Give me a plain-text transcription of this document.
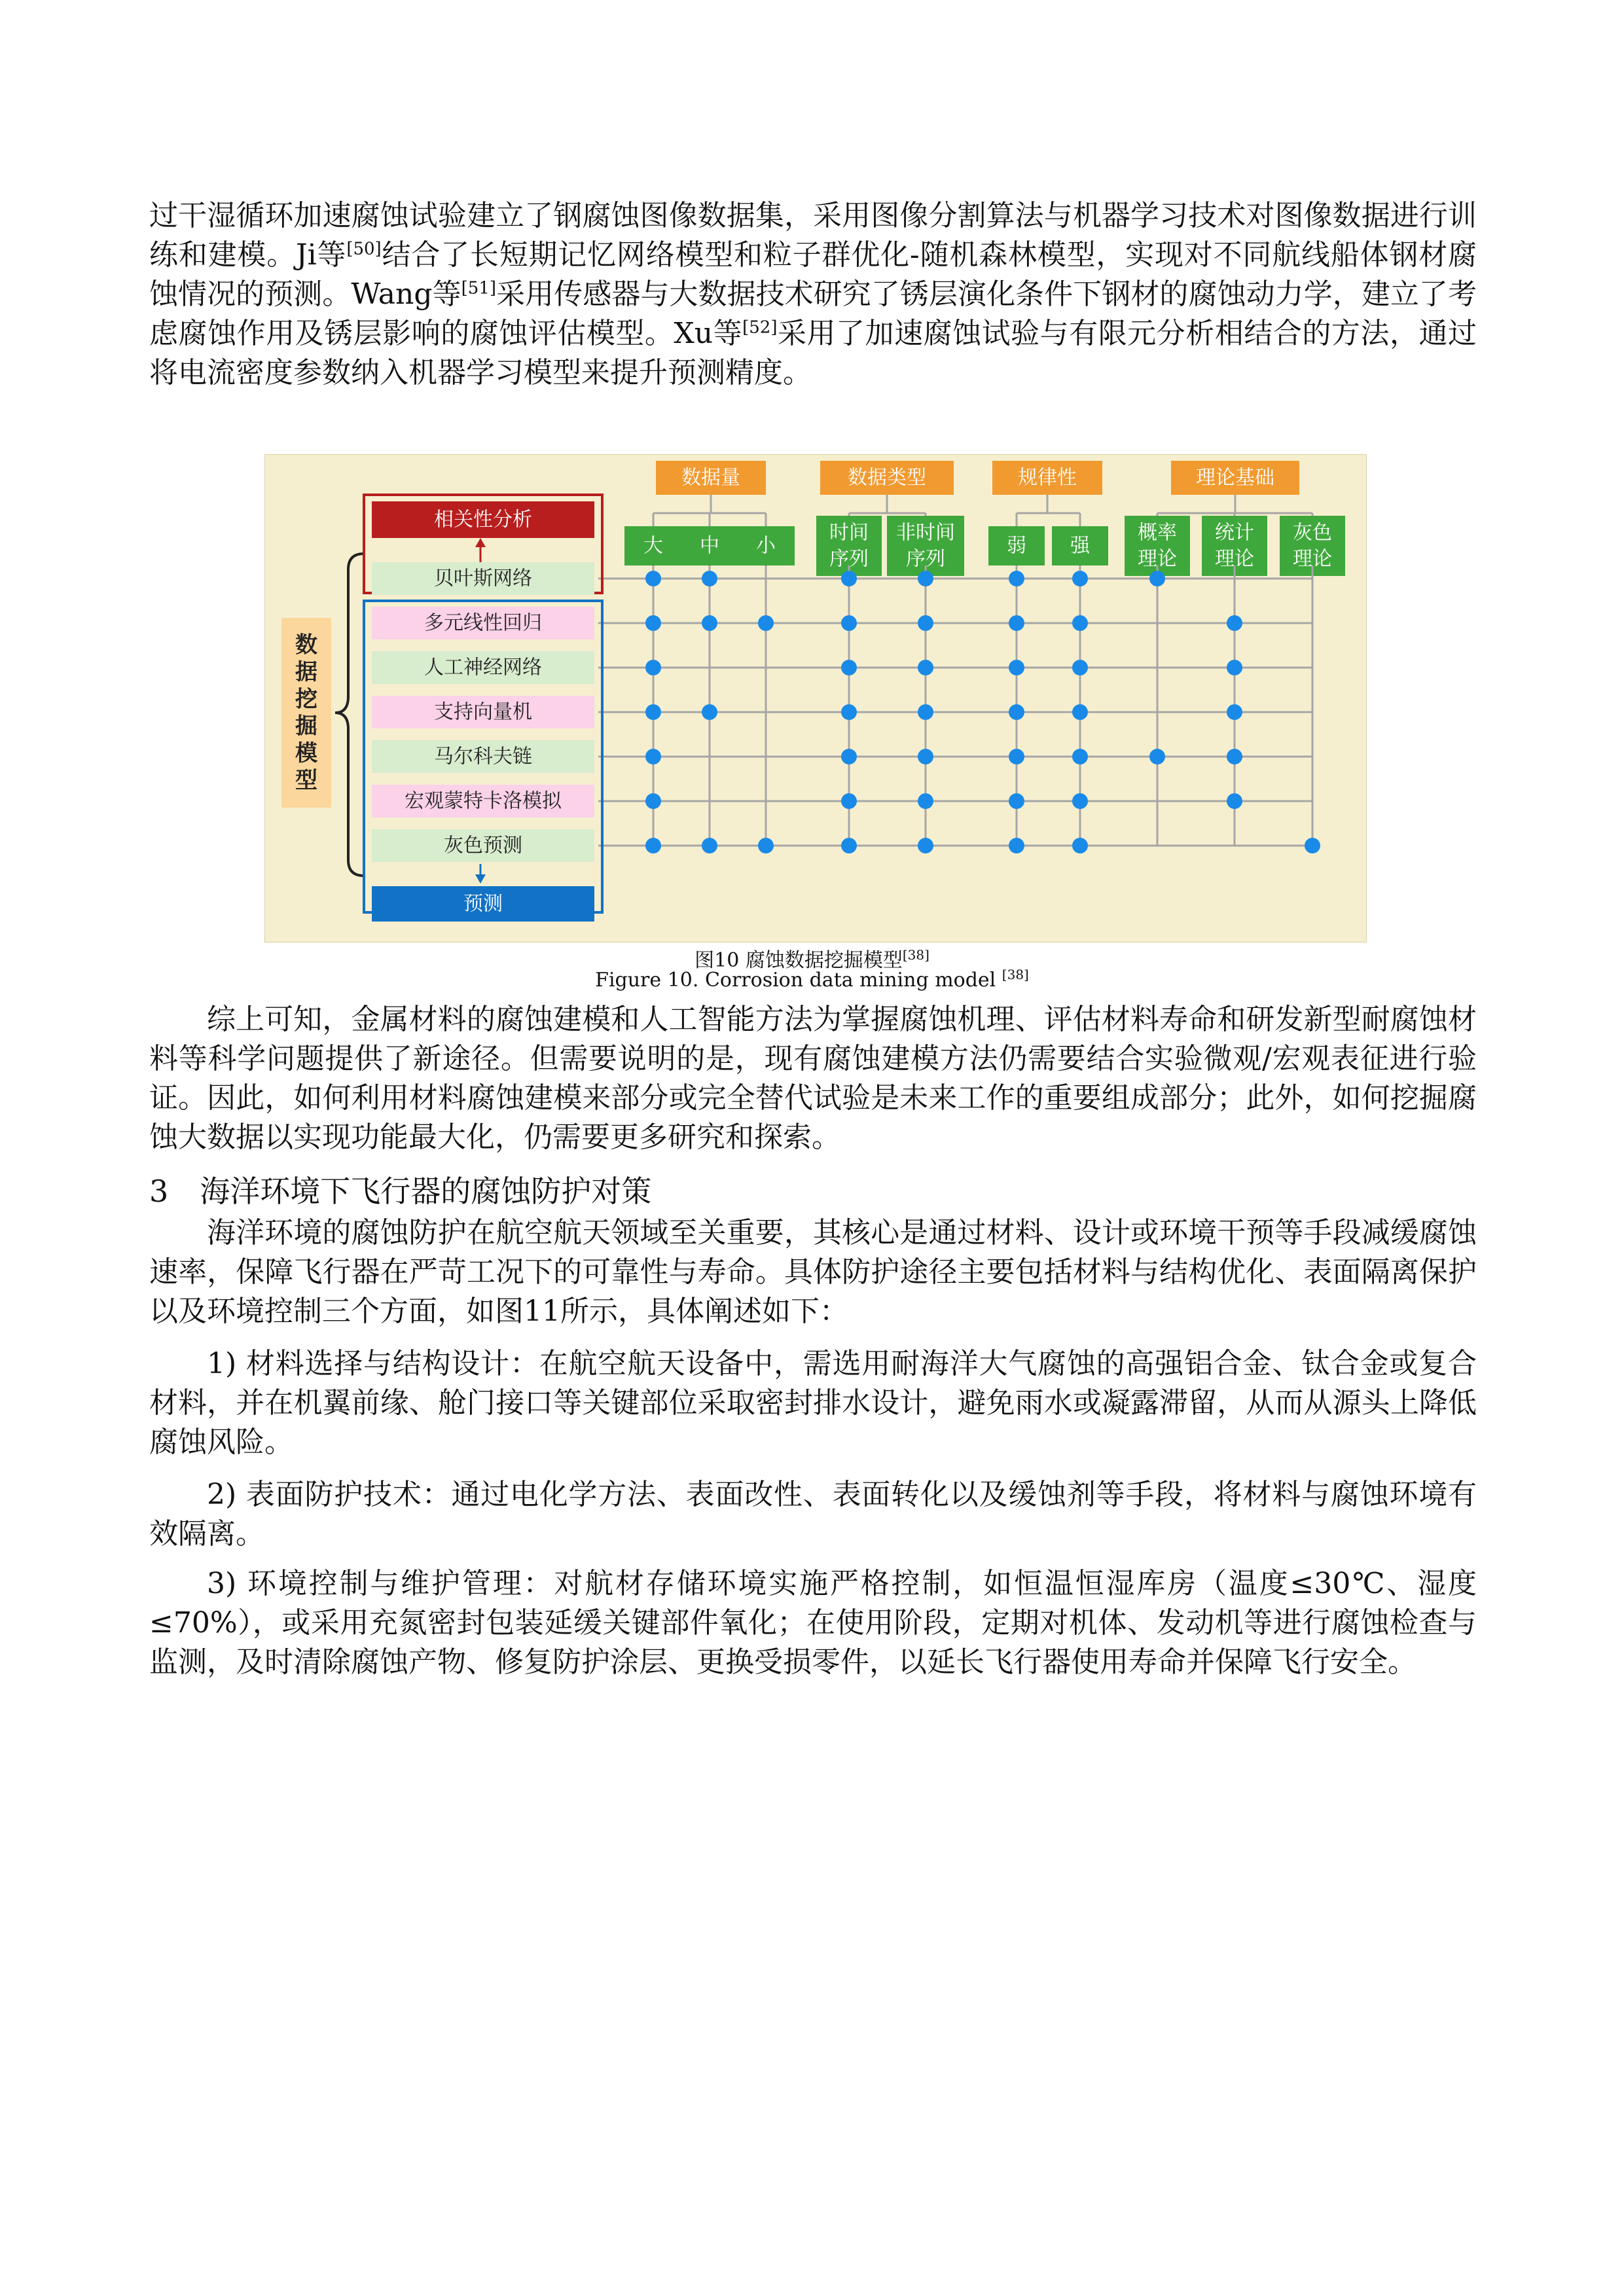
过干湿循环加速腐蚀试验建立了钢腐蚀图像数据集，采用图像分割算法与机器学习技术对图像数据进行训练和建模。Ji等[50]结合了长短期记忆网络模型和粒子群优化-随机森林模型，实现对不同航线船体钢材腐蚀情况的预测。Wang等[51]采用传感器与大数据技术研究了锈层演化条件下钢材的腐蚀动力学，建立了考虑腐蚀作用及锈层影响的腐蚀评估模型。Xu等[52]采用了加速腐蚀试验与有限元分析相结合的方法，通过将电流密度参数纳入机器学习模型来提升预测精度。

数据量	数据类型	规律性	理论基础
大 中 小
时间
序列
非时间
序列
弱 强
概率
理论
统计
理论
灰色
理论
数
据
挖
掘
模
型
相关性分析
贝叶斯网络
多元线性回归
人工神经网络
支持向量机
马尔科夫链
宏观蒙特卡洛模拟
灰色预测
预测

图10 腐蚀数据挖掘模型[38]

Figure 10. Corrosion data mining model [38]

综上可知，金属材料的腐蚀建模和人工智能方法为掌握腐蚀机理、评估材料寿命和研发新型耐腐蚀材料等科学问题提供了新途径。但需要说明的是，现有腐蚀建模方法仍需要结合实验微观/宏观表征进行验证。因此，如何利用材料腐蚀建模来部分或完全替代试验是未来工作的重要组成部分；此外，如何挖掘腐蚀大数据以实现功能最大化，仍需要更多研究和探索。

3 海洋环境下飞行器的腐蚀防护对策

海洋环境的腐蚀防护在航空航天领域至关重要，其核心是通过材料、设计或环境干预等手段减缓腐蚀速率，保障飞行器在严苛工况下的可靠性与寿命。具体防护途径主要包括材料与结构优化、表面隔离保护以及环境控制三个方面，如图11所示，具体阐述如下：

1) 材料选择与结构设计：在航空航天设备中，需选用耐海洋大气腐蚀的高强铝合金、钛合金或复合材料，并在机翼前缘、舱门接口等关键部位采取密封排水设计，避免雨水或凝露滞留，从而从源头上降低腐蚀风险。

2) 表面防护技术：通过电化学方法、表面改性、表面转化以及缓蚀剂等手段，将材料与腐蚀环境有效隔离。

3) 环境控制与维护管理：对航材存储环境实施严格控制，如恒温恒湿库房（温度≤30℃、湿度≤70%），或采用充氮密封包装延缓关键部件氧化；在使用阶段，定期对机体、发动机等进行腐蚀检查与监测，及时清除腐蚀产物、修复防护涂层、更换受损零件，以延长飞行器使用寿命并保障飞行安全。
